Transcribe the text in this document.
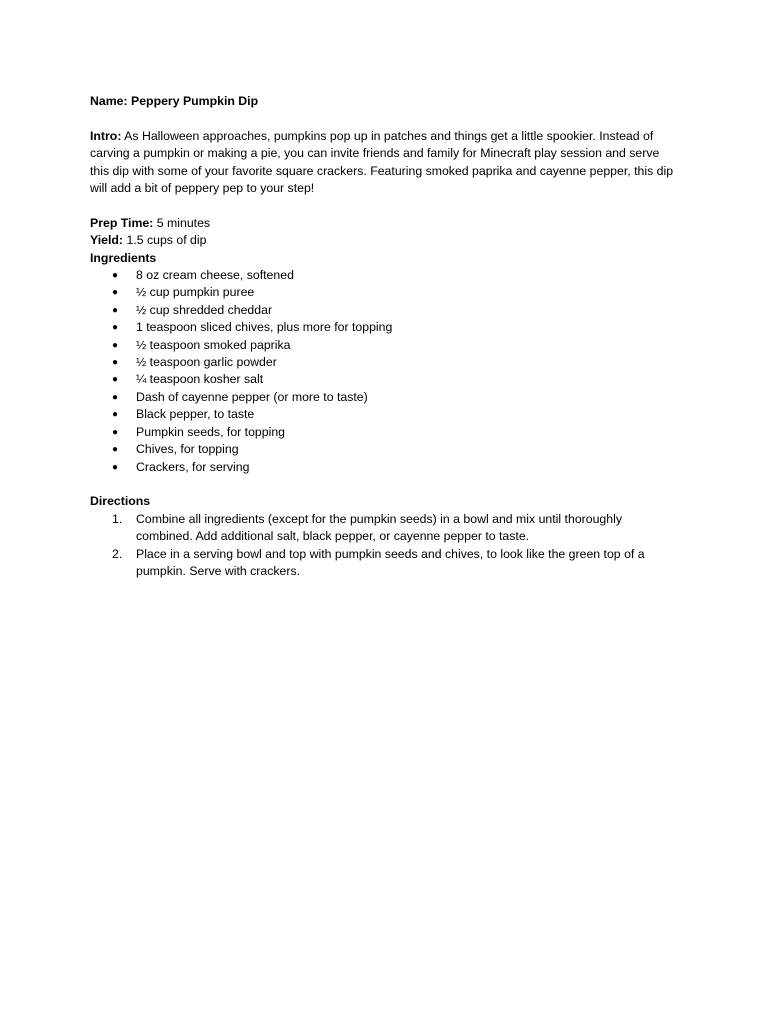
Name: Peppery Pumpkin Dip

Intro: As Halloween approaches, pumpkins pop up in patches and things get a little spookier. Instead of carving a pumpkin or making a pie, you can invite friends and family for Minecraft play session and serve this dip with some of your favorite square crackers. Featuring smoked paprika and cayenne pepper, this dip will add a bit of peppery pep to your step!

Prep Time: 5 minutes

Yield: 1.5 cups of dip

Ingredients

● 8 oz cream cheese, softened
● ½ cup pumpkin puree
● ½ cup shredded cheddar
● 1 teaspoon sliced chives, plus more for topping
● ½ teaspoon smoked paprika
● ½ teaspoon garlic powder
● ¼ teaspoon kosher salt
● Dash of cayenne pepper (or more to taste)
● Black pepper, to taste
● Pumpkin seeds, for topping
● Chives, for topping
● Crackers, for serving

Directions

1. Combine all ingredients (except for the pumpkin seeds) in a bowl and mix until thoroughly combined. Add additional salt, black pepper, or cayenne pepper to taste.
2. Place in a serving bowl and top with pumpkin seeds and chives, to look like the green top of a pumpkin. Serve with crackers.
